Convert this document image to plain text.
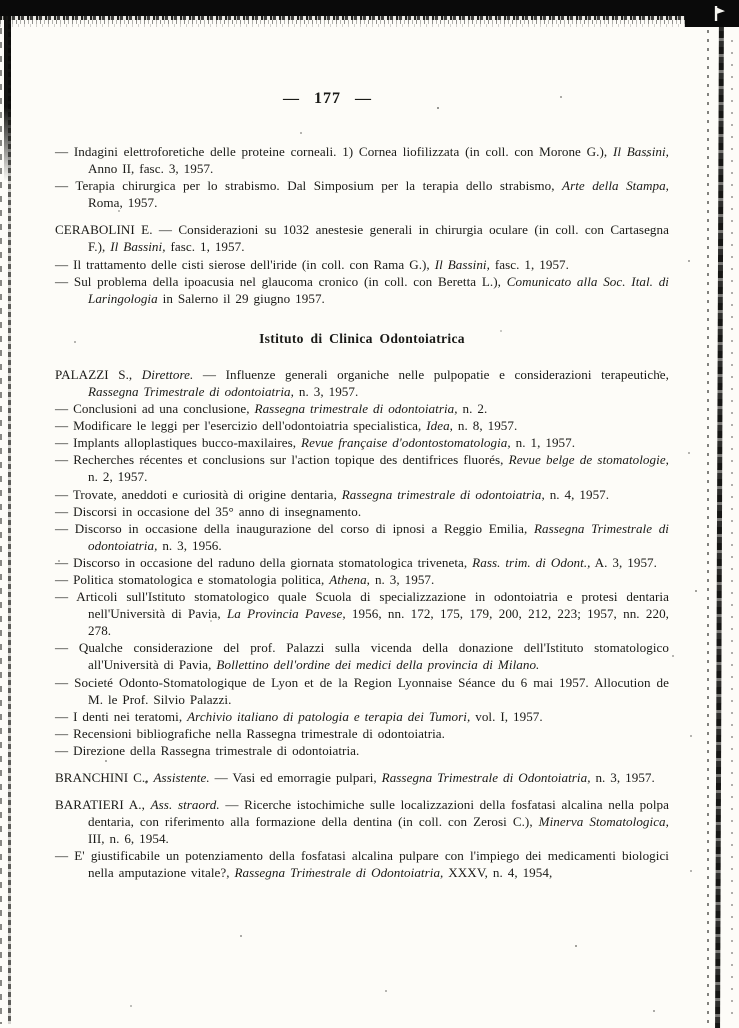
— 177 —

— Indagini elettroforetiche delle proteine corneali. 1) Cornea liofilizzata (in coll. con Morone G.), Il Bassini, Anno II, fasc. 3, 1957.

— Terapia chirurgica per lo strabismo. Dal Simposium per la terapia dello strabismo, Arte della Stampa, Roma, 1957.

CERABOLINI E. — Considerazioni su 1032 anestesie generali in chirurgia oculare (in coll. con Cartasegna F.), Il Bassini, fasc. 1, 1957.

— Il trattamento delle cisti sierose dell'iride (in coll. con Rama G.), Il Bassini, fasc. 1, 1957.

— Sul problema della ipoacusia nel glaucoma cronico (in coll. con Beretta L.), Comunicato alla Soc. Ital. di Laringologia in Salerno il 29 giugno 1957.

Istituto di Clinica Odontoiatrica

PALAZZI S., Direttore. — Influenze generali organiche nelle pulpopatie e considerazioni terapeutiche, Rassegna Trimestrale di odontoiatria, n. 3, 1957.

— Conclusioni ad una conclusione, Rassegna trimestrale di odontoiatria, n. 2.

— Modificare le leggi per l'esercizio dell'odontoiatria specialistica, Idea, n. 8, 1957.

— Implants alloplastiques bucco-maxilaires, Revue française d'odontostomatologia, n. 1, 1957.

— Recherches récentes et conclusions sur l'action topique des dentifrices fluorés, Revue belge de stomatologie, n. 2, 1957.

— Trovate, aneddoti e curiosità di origine dentaria, Rassegna trimestrale di odontoiatria, n. 4, 1957.

— Discorsi in occasione del 35° anno di insegnamento.

— Discorso in occasione della inaugurazione del corso di ipnosi a Reggio Emilia, Rassegna Trimestrale di odontoiatria, n. 3, 1956.

— Discorso in occasione del raduno della giornata stomatologica triveneta, Rass. trim. di Odont., A. 3, 1957.

— Politica stomatologica e stomatologia politica, Athena, n. 3, 1957.

— Articoli sull'Istituto stomatologico quale Scuola di specializzazione in odontoiatria e protesi dentaria nell'Università di Pavia, La Provincia Pavese, 1956, nn. 172, 175, 179, 200, 212, 223; 1957, nn. 220, 278.

— Qualche considerazione del prof. Palazzi sulla vicenda della donazione dell'Istituto stomatologico all'Università di Pavia, Bollettino dell'ordine dei medici della provincia di Milano.

— Societé Odonto-Stomatologique de Lyon et de la Region Lyonnaise Séance du 6 mai 1957. Allocution de M. le Prof. Silvio Palazzi.

— I denti nei teratomi, Archivio italiano di patologia e terapia dei Tumori, vol. I, 1957.

— Recensioni bibliografiche nella Rassegna trimestrale di odontoiatria.

— Direzione della Rassegna trimestrale di odontoiatria.

BRANCHINI C., Assistente. — Vasi ed emorragie pulpari, Rassegna Trimestrale di Odontoiatria, n. 3, 1957.

BARATIERI A., Ass. straord. — Ricerche istochimiche sulle localizzazioni della fosfatasi alcalina nella polpa dentaria, con riferimento alla formazione della dentina (in coll. con Zerosi C.), Minerva Stomatologica, III, n. 6, 1954.

— E' giustificabile un potenziamento della fosfatasi alcalina pulpare con l'impiego dei medicamenti biologici nella amputazione vitale?, Rassegna Trimestrale di Odontoiatria, XXXV, n. 4, 1954,
